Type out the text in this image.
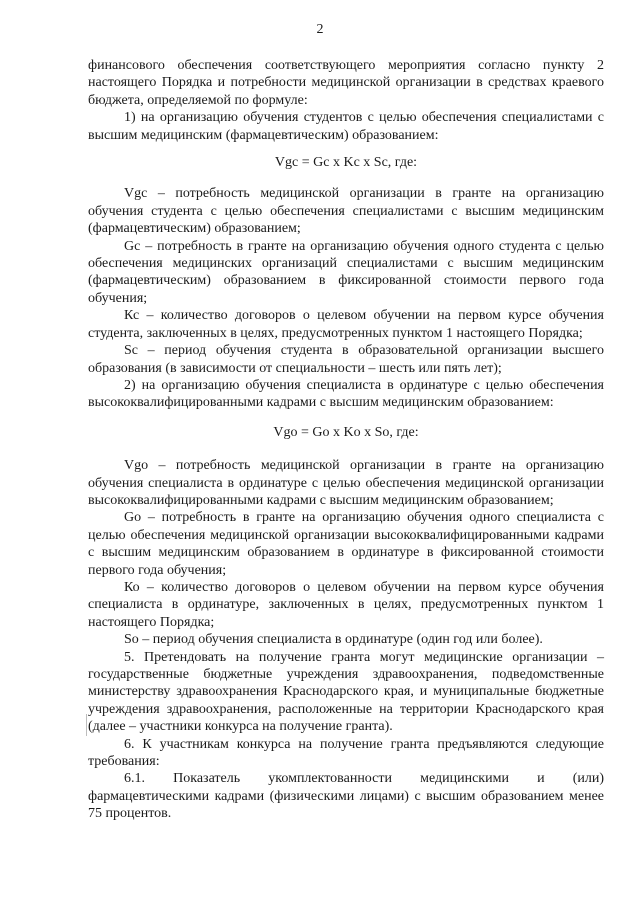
2

финансового обеспечения соответствующего мероприятия согласно пункту 2 настоящего Порядка и потребности медицинской организации в средствах краевого бюджета, определяемой по формуле:

1) на организацию обучения студентов с целью обеспечения специалистами с высшим медицинским (фармацевтическим) образованием:

Vgc = Gc x Kc x Sc, где:

Vgc – потребность медицинской организации в гранте на организацию обучения студента с целью обеспечения специалистами с высшим медицинским (фармацевтическим) образованием;

Gc – потребность в гранте на организацию обучения одного студента с целью обеспечения медицинских организаций специалистами с высшим медицинским (фармацевтическим) образованием в фиксированной стоимости первого года обучения;

Кс – количество договоров о целевом обучении на первом курсе обучения студента, заключенных в целях, предусмотренных пунктом 1 настоящего Порядка;

Sc – период обучения студента в образовательной организации высшего образования (в зависимости от специальности – шесть или пять лет);

2) на организацию обучения специалиста в ординатуре с целью обеспечения высококвалифицированными кадрами с высшим медицинским образованием:

Vgo = Go x Ko x So, где:

Vgo – потребность медицинской организации в гранте на организацию обучения специалиста в ординатуре с целью обеспечения медицинской организации высококвалифицированными кадрами с высшим медицинским образованием;

Go – потребность в гранте на организацию обучения одного специалиста с целью обеспечения медицинской организации высококвалифицированными кадрами с высшим медицинским образованием в ординатуре в фиксированной стоимости первого года обучения;

Ко – количество договоров о целевом обучении на первом курсе обучения специалиста в ординатуре, заключенных в целях, предусмотренных пунктом 1 настоящего Порядка;

So – период обучения специалиста в ординатуре (один год или более).

5. Претендовать на получение гранта могут медицинские организации – государственные бюджетные учреждения здравоохранения, подведомственные министерству здравоохранения Краснодарского края, и муниципальные бюджетные учреждения здравоохранения, расположенные на территории Краснодарского края (далее – участники конкурса на получение гранта).

6. К участникам конкурса на получение гранта предъявляются следующие требования:

6.1. Показатель укомплектованности медицинскими и (или) фармацевтическими кадрами (физическими лицами) с высшим образованием менее 75 процентов.
